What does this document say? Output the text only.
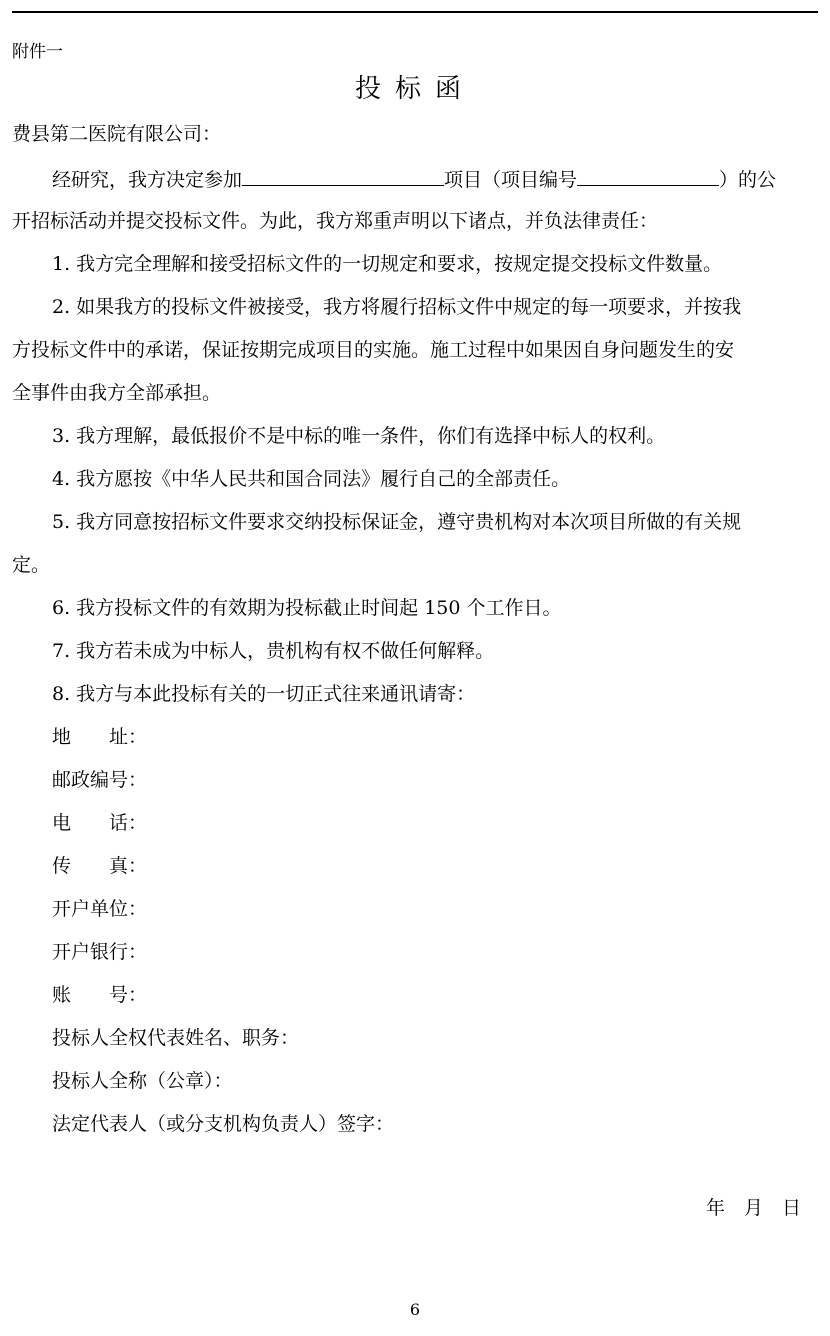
附件一
投标函
费县第二医院有限公司：
经研究，我方决定参加	项目（项目编号	）的公
开招标活动并提交投标文件。为此，我方郑重声明以下诸点，并负法律责任：
1. 我方完全理解和接受招标文件的一切规定和要求，按规定提交投标文件数量。
2. 如果我方的投标文件被接受，我方将履行招标文件中规定的每一项要求，并按我
方投标文件中的承诺，保证按期完成项目的实施。施工过程中如果因自身问题发生的安
全事件由我方全部承担。
3. 我方理解，最低报价不是中标的唯一条件，你们有选择中标人的权利。
4. 我方愿按《中华人民共和国合同法》履行自己的全部责任。
5. 我方同意按招标文件要求交纳投标保证金，遵守贵机构对本次项目所做的有关规
定。
6. 我方投标文件的有效期为投标截止时间起 150 个工作日。
7. 我方若未成为中标人，贵机构有权不做任何解释。
8. 我方与本此投标有关的一切正式往来通讯请寄：
地　　址：
邮政编号：
电　　话：
传　　真：
开户单位：
开户银行：
账　　号：
投标人全权代表姓名、职务：
投标人全称（公章）：
法定代表人（或分支机构负责人）签字：
年　月　日
6
